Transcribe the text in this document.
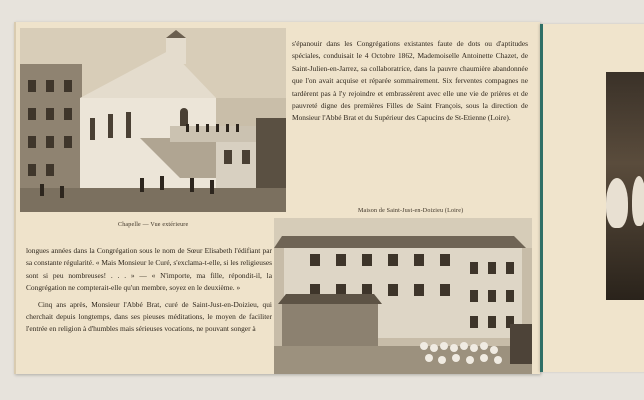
Chapelle — Vue extérieure
s'épanouir dans les Congrégations existantes faute de dots ou d'aptitudes spéciales, conduisait le 4 Octobre 1862, Mademoiselle Antoinette Chazet, de Saint-Julien-en-Jarrez, sa collaboratrice, dans la pauvre chaumière abandonnée que l'on avait acquise et réparée sommairement. Six ferventes compagnes ne tardèrent pas à l'y rejoindre et embrassèrent avec elle une vie de prières et de pauvreté digne des premières Filles de Saint François, sous la direction de Monsieur l'Abbé Brat et du Supérieur des Capucins de St-Etienne (Loire).

longues années dans la Congrégation sous le nom de Sœur Elisabeth l'édifiant par sa constante régularité. « Mais Monsieur le Curé, s'exclama-t-elle, si les religieuses sont si peu nombreuses! . . . » — « N'importe, ma fille, répondit-il, la Congrégation ne compterait-elle qu'un membre, soyez en le deuxième. »

Cinq ans après, Monsieur l'Abbé Brat, curé de Saint-Just-en-Doizieu, qui cherchait depuis longtemps, dans ses pieuses méditations, le moyen de faciliter l'entrée en religion à d'humbles mais sérieuses vocations, ne pouvant songer à

Maison de Saint-Just-en-Doizieu (Loire)
